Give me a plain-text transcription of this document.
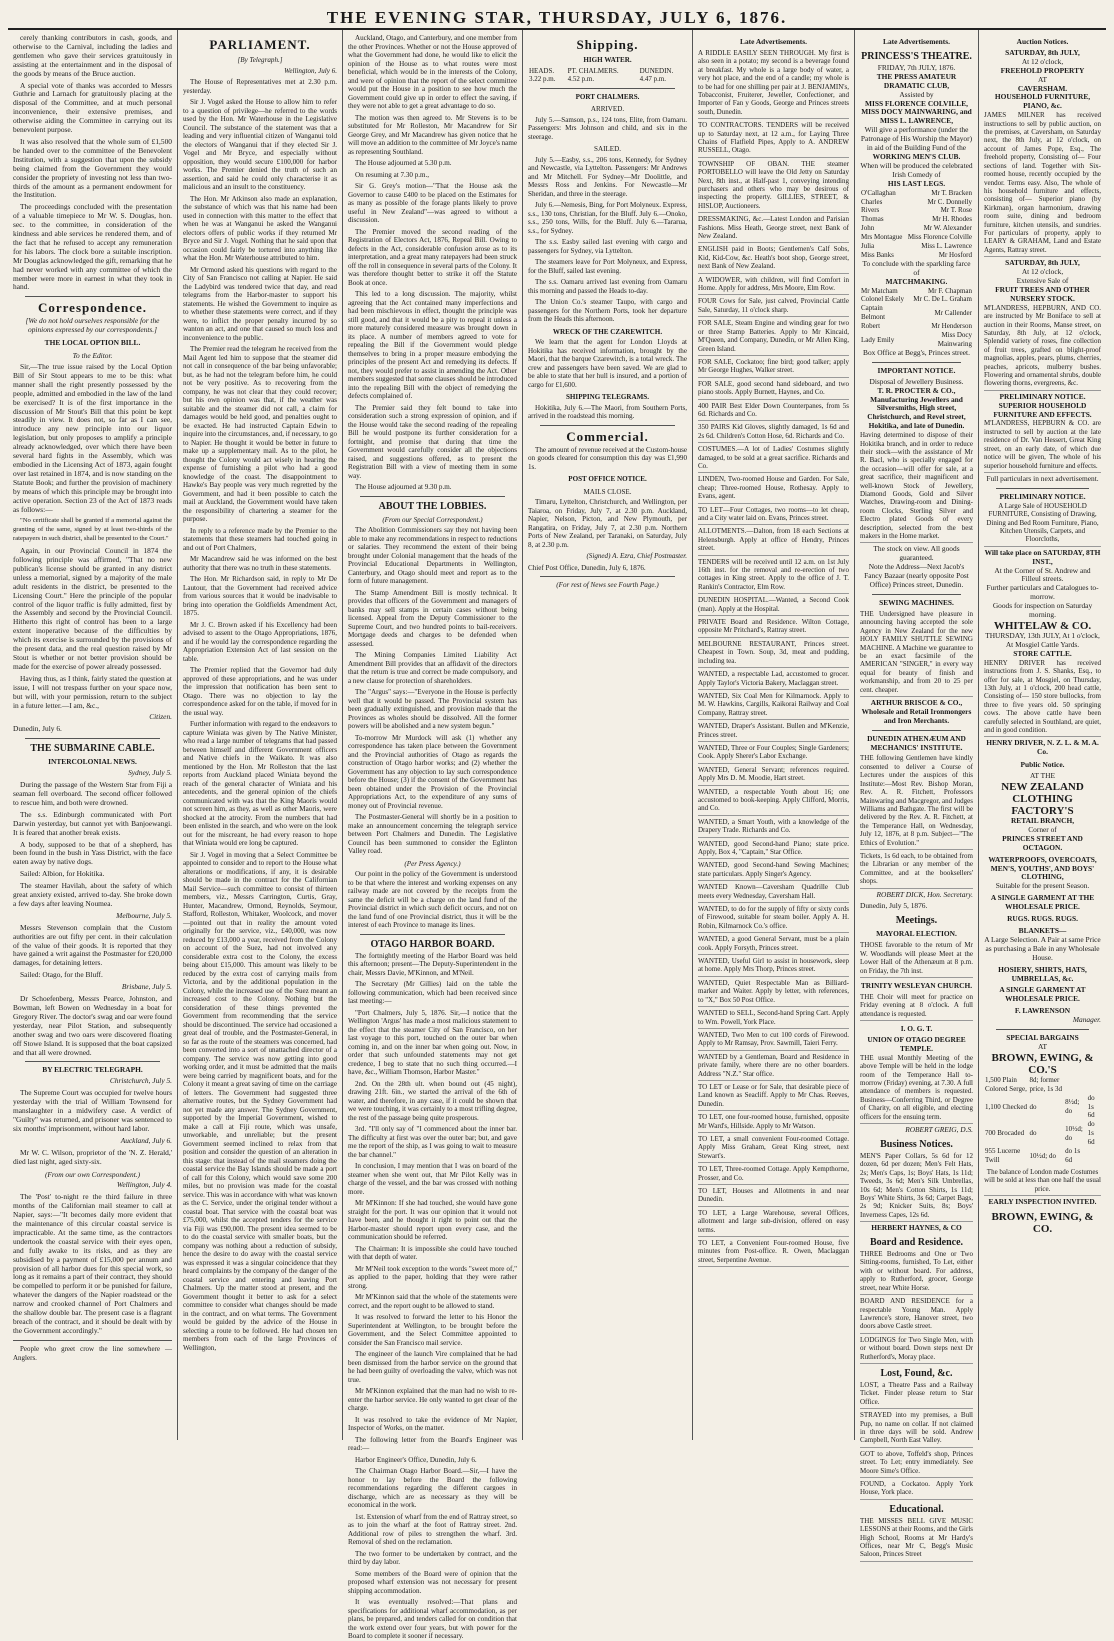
THE EVENING STAR, THURSDAY, JULY 6, 1876.

cerely thanking contributors in cash, goods, and otherwise to the Carnival, including the ladies and gentlemen who gave their services gratuitously in assisting at the entertainment and in the disposal of the goods by means of the Bruce auction.

A special vote of thanks was accorded to Messrs Guthrie and Larnach for gratuitously placing at the disposal of the Committee, and at much personal inconvenience, their extensive premises, and otherwise aiding the Committee in carrying out its benevolent purpose.

It was also resolved that the whole sum of £1,500 be handed over to the committee of the Benevolent Institution, with a suggestion that upon the subsidy being claimed from the Government they would consider the propriety of investing not less than two-thirds of the amount as a permanent endowment for the Institution.

The proceedings concluded with the presentation of a valuable timepiece to Mr W. S. Douglas, hon. sec. to the committee, in consideration of the kindness and able services he rendered them, and of the fact that he refused to accept any remuneration for his labors. The clock bore a suitable inscription. Mr Douglas acknowledged the gift, remarking that he had never worked with any committee of which the member were more in earnest in what they took in hand.

Correspondence.

[We do not hold ourselves responsible for the opinions expressed by our correspondents.]

THE LOCAL OPTION BILL.
To the Editor.

Sir,—The true issue raised by the Local Option Bill of Sir Stout appears to me to be this: what manner shall the right presently possessed by the people, admitted and embodied in the law of the land be exercised? It is of the first importance in the discussion of Mr Stout's Bill that this point be kept steadily in view. It does not, so far as I can see, introduce any new principle into our liquor legislation, but only proposes to amplify a principle already acknowledged, over which there have been several hard fights in the Assembly, which was embodied in the Licensing Act of 1873, again fought over last retained in 1874, and is now standing on the Statute Book; and further the provision of machinery by means of which this principle may be brought into active operation. Section 23 of the Act of 1873 reads as follows:—

"No certificate shall be granted if a memorial against the granting of the same, signed by at least two-thirds of the ratepayers in such district, shall be presented to the Court."

Again, in our Provincial Council in 1874 the following principle was affirmed, "That no new publican's license should be granted in any district unless a memorial, signed by a majority of the male adult residents in the district, be presented to the Licensing Court." Here the principle of the popular control of the liquor traffic is fully admitted, first by the Assembly and second by the Provincial Council. Hitherto this right of control has been to a large extent inoperative because of the difficulties by which its exercise is surrounded by the provisions of the present data, and the real question raised by Mr Stout is whether or not better provision should be made for the exercise of power already possessed.

Having thus, as I think, fairly stated the question at issue, I will not trespass further on your space now, but will, with your permission, return to the subject in a future letter.—I am, &c.,

Citizen.
Dunedin, July 6.
THE SUBMARINE CABLE.
INTERCOLONIAL NEWS.
Sydney, July 5.

During the passage of the Western Star from Fiji a seaman fell overboard. The second officer followed to rescue him, and both were drowned.

The s.s. Edinburgh communicated with Port Darwin yesterday, but cannot yet with Banjoewangi. It is feared that another break exists.

A body, supposed to be that of a shepherd, has been found in the bush in Yass District, with the face eaten away by native dogs.

Sailed: Albion, for Hokitika.

The steamer Havilah, about the safety of which great anxiety existed, arrived to-day. She broke down a few days after leaving Noumea.

Melbourne, July 5.

Messrs Stevenson complain that the Custom authorities are out fifty per cent. in their calculation of the value of their goods. It is reported that they have gained a writ against the Postmaster for £20,000 damages, for detaining letters.

Sailed: Otago, for the Bluff.

Brisbane, July 5.

Dr Schoefenberg, Messrs Pearce, Johnston, and Bowman, left Bowen on Wednesday in a boat for Gregory River. The doctor's swag and oar were found yesterday, near Pilot Station, and subsequently another swag and two oars were discovered floating off Stowe Island. It is supposed that the boat capsized and that all were drowned.

BY ELECTRIC TELEGRAPH.
Christchurch, July 5.

The Supreme Court was occupied for twelve hours yesterday with the trial of William Townsend for manslaughter in a midwifery case. A verdict of "Guilty" was returned, and prisoner was sentenced to six months' imprisonment, without hard labor.

Auckland, July 6.

Mr W. C. Wilson, proprietor of the 'N. Z. Herald,' died last night, aged sixty-six.

(From our own Correspondent.)
Wellington, July 4.

The 'Post' to-night re the third failure in three months of the Californian mail steamer to call at Napier, says:—"It becomes daily more evident that the maintenance of this circular coastal service is impracticable. At the same time, as the contractors undertook the coastal service with their eyes open, and fully awake to its risks, and as they are subsidised by a payment of £15,000 per annum and provision of all harbor dues for this special work, so long as it remains a part of their contract, they should be compelled to perform it or be punished for failure, whatever the dangers of the Napier roadstead or the narrow and crooked channel of Port Chalmers and the shallow double bar. The present case is a flagrant breach of the contract, and it should be dealt with by the Government accordingly."

People who greet crow the line somewhere —Anglers.

PARLIAMENT.
[By Telegraph.]
Wellington, July 6.

The House of Representatives met at 2.30 p.m. yesterday.

Sir J. Vogel asked the House to allow him to refer to a question of privilege—he referred to the words used by the Hon. Mr Waterhouse in the Legislative Council. The substance of the statement was that a leading and very influential citizen of Wanganui told the electors of Wanganui that if they elected Sir J. Vogel and Mr Bryce, and especially without opposition, they would secure £100,000 for harbor works. The Premier denied the truth of such an assertion, and said he could only characterise it as malicious and an insult to the constituency.

The Hon. Mr Atkinson also made an explanation, the substance of which was that his name had been used in connection with this matter to the effect that when he was at Wanganui he asked the Wanganui electors offers of public works if they returned Mr Bryce and Sir J. Vogel. Nothing that he said upon that occasion could fairly be tortured into anything like what the Hon. Mr Waterhouse attributed to him.

Mr Ormond asked his questions with regard to the City of San Francisco not calling at Napier. He said the Ladybird was tendered twice that day, and read telegrams from the Harbor-master to support his statements. He wished the Government to inquire as to whether these statements were correct, and if they were, to inflict the proper penalty incurred by so wanton an act, and one that caused so much loss and inconvenience to the public.

The Premier read the telegram he received from the Mail Agent led him to suppose that the steamer did not call in consequence of the bar being unfavorable; but, as he had not the telegram before him, he could not be very positive. As to recovering from the company, he was not clear that they could recover; but his own opinion was that, if the weather was suitable and the steamer did not call, a claim for damages would be held good, and penalties ought to be exacted. He had instructed Captain Edwin to inquire into the circumstances, and, if necessary, to go to Napier. He thought it would be better in future to make up a supplementary mail. As to the pilot, he thought the Colony would act wisely in hearing the expense of furnishing a pilot who had a good knowledge of the coast. The disappointment to Hawke's Bay people was very much regretted by the Government, and had it been possible to catch the mail at Auckland, the Government would have taken the responsibility of chartering a steamer for the purpose.

In reply to a reference made by the Premier to the statements that these steamers had touched going in and out of Port Chalmers,

Mr Macandrew said he was informed on the best authority that there was no truth in these statements.

The Hon. Mr Richardson said, in reply to Mr De Lautour, that the Government had received advice from various sources that it would be inadvisable to bring into operation the Goldfields Amendment Act, 1875.

Mr J. C. Brown asked if his Excellency had been advised to assent to the Otago Appropriations, 1876, and if he would lay the correspondence regarding the Appropriation Extension Act of last session on the table.

The Premier replied that the Governor had duly approved of these appropriations, and he was under the impression that notification has been sent to Otago. There was no objection to lay the correspondence asked for on the table, if moved for in the usual way.

Further information with regard to the endeavors to capture Winiata was given by The Native Minister, who read a large number of telegrams that had passed between himself and different Government officers and Native chiefs in the Waikato. It was also mentioned by the Hon. Mr Rolleston that the last reports from Auckland placed Winiata beyond the reach of the general character of Winiata and his antecedents, and the general opinion of the chiefs communicated with was that the King Maoris would not screen him, as they, as well as other Maoris, were shocked at the atrocity. From the numbers that had been enlisted in the search, and who were on the look out for the miscreant, he had every reason to hope that Winiata would ere long be captured.

Sir J. Vogel in moving that a Select Committee be appointed to consider and to report to the House what alterations or modifications, if any, it is desirable should be made in the contract for the Californian Mail Service—such committee to consist of thirteen members, viz., Messrs Carrington, Curtis, Gray, Hunter, Macandrew, Ormond, Reynolds, Seymour, Stafford, Rolleston, Whitaker, Woolcock, and mover—pointed out that in reality the amount voted originally for the service, viz., £40,000, was now reduced by £13,000 a year, received from the Colony on account of the Suez, had not involved any considerable extra cost to the Colony, the excess being about £15,000. This amount was likely to be reduced by the extra cost of carrying mails from Victoria, and by the additional population in the Colony, while the increased use of the Suez meant an increased cost to the Colony. Nothing but the consideration of these things prevented the Government from recommending that the service should be discontinued. The service had occasioned a great deal of trouble, and the Postmaster-General, in so far as the route of the steamers was concerned, had been converted into a sort of unattached director of a company. The service was now getting into good working order, and it must be admitted that the mails were being carried by magnificent boats, and for the Colony it meant a great saving of time on the carriage of letters. The Government had suggested three alternative routes, but the Sydney Government had not yet made any answer. The Sydney Government, supported by the Imperial Government, wished to make a call at Fiji route, which was unsafe, unworkable, and unreliable; but the present Government seemed inclined to relax from that position and consider the question of an alteration in this stage: that instead of the mail steamers doing the coastal service the Bay Islands should be made a port of call for this Colony, which would save some 200 miles, but no provision was made for the coastal service. This was in accordance with what was known as the C. Service, under the original tender without a coastal boat. That service with the coastal boat was £75,000, whilst the accepted tenders for the service via Fiji was £90,000. The present idea seemed to be to do the coastal service with smaller boats, but the company was nothing about a reduction of subsidy, hence the desire to do away with the coastal service was expressed it was a singular coincidence that they heard complaints by the company of the danger of the coastal service and entering and leaving Port Chalmers. Up the matter stood at present, and the Government thought it better to ask for a select committee to consider what changes should be made in the contract, and on what terms. The Government would be guided by the advice of the House in selecting a route to be followed. He had chosen ten members from each of the large Provinces of Wellington,

Auckland, Otago, and Canterbury, and one member from the other Provinces. Whether or not the House approved of what the Government had done, he would like to elicit the opinion of the House as to what routes were most beneficial, which would be in the interests of the Colony, and were of opinion that the report of the select committee would put the House in a position to see how much the Government could give up in order to effect the saving, if they were not able to get a great advantage to do so.

The motion was then agreed to. Mr Stevens is to be substituted for Mr Rolleston, Mr Macandrew for Sir George Grey, and Mr Macandrew has given notice that he will move an addition to the committee of Mr Joyce's name as representing Southland.

The House adjourned at 5.30 p.m.

On resuming at 7.30 p.m.,

Sir G. Grey's motion—"That the House ask the Governor to cause £400 to be placed on the Estimates for as many as possible of the forage plants likely to prove useful in New Zealand"—was agreed to without a discussion.

The Premier moved the second reading of the Registration of Electors Act, 1876, Repeal Bill. Owing to defects in the Act, considerable confusion arose as to its interpretation, and a great many ratepayers had been struck off the roll in consequence in several parts of the Colony. It was therefore thought better to strike it off the Statute Book at once.

This led to a long discussion. The majority, whilst agreeing that the Act contained many imperfections and had been mischievous in effect, thought the principle was still good, and that it would be a pity to repeal it unless a more maturely considered measure was brought down in its place. A number of members agreed to vote for repealing the Bill if the Government would pledge themselves to bring in a proper measure embodying the principles of the present Act and remedying its defects. If not, they would prefer to assist in amending the Act. Other members suggested that some clauses should be introduced into the repealing Bill with the object of remedying the defects complained of.

The Premier said they felt bound to take into consideration such a strong expression of opinion, and if the House would take the second reading of the repealing Bill he would postpone its further consideration for a fortnight, and promise that during that time the Government would carefully consider all the objections raised, and suggestions offered, as to present the Registration Bill with a view of meeting them in some way.

The House adjourned at 9.30 p.m.

ABOUT THE LOBBIES.
(From our Special Correspondent.)

The Abolition Commissioners say they not having been able to make any recommendations in respect to reductions or salaries. They recommend the extent of their being brought under Colonial management that the heads of the Provincial Educational Departments in Wellington, Canterbury, and Otago should meet and report as to the form of future management.

The Stamp Amendment Bill is mostly technical. It provides that officers of the Government and managers of banks may sell stamps in certain cases without being licensed. Appeal from the Deputy Commissioner to the Supreme Court, and two hundred points to bail-receivers. Mortgage deeds and charges to be defended when assessed.

The Mining Companies Limited Liability Act Amendment Bill provides that an affidavit of the directors that the return is true and correct be made compulsory, and a new clause for protection of shareholders.

The "Argus" says:—"Everyone in the House is perfectly well that it would be passed. The Provincial system has been gradually extinguished, and provision made that the Provinces as wholes should be dissolved. All the former powers will be abolished and a new system begun."

To-morrow Mr Murdock will ask (1) whether any correspondence has taken place between the Government and the Provincial authorities of Otago as regards the construction of Otago harbor works; and (2) whether the Government has any objection to lay such correspondence before the House; (3) if the consent of the Government has been obtained under the Provision of the Provincial Appropriations Act, to the expenditure of any sums of money out of Provincial revenue.

The Postmaster-General will shortly be in a position to make an announcement concerning the telegraph service between Port Chalmers and Dunedin. The Legislative Council has been summoned to consider the Eglinton Valley road.

(Per Press Agency.)

Our point in the policy of the Government is understood to be that where the interest and working expenses on any railway made are not covered by the receipts from the same the deficit will be a charge on the land fund of the Provincial district in which such deficit occurs, and not on the land fund of one Provincial district, thus it will be the interest of each Province to manage its lines.

OTAGO HARBOR BOARD.

The fortnightly meeting of the Harbor Board was held this afternoon; present—The Deputy-Superintendent in the chair, Messrs Davie, M'Kinnon, and M'Neil.

The Secretary (Mr Gillies) laid on the table the following communication, which had been received since last meeting:—

"Port Chalmers, July 5, 1876. Sir,—I notice that the Wellington 'Argus' has made a most malicious statement to the effect that the steamer City of San Francisco, on her last voyage to this port, touched on the outer bar when coming in, and on the inner bar when going out. Now, in order that such unfounded statements may not get credence, I beg to state that no such thing occurred.—I have, &c., William Thomson, Harbor Master."

2nd. On the 28th ult. when bound out (45 night), drawing 21ft. 6in., we started the arrival of the 6th of water, and therefore, in any case, if it could be shown that we were touching, it was certainly to a most trifling degree, the rest of the passage being quite prosperous.

3rd. "I'll only say of "I commenced about the inner bar. The difficulty at first was over the outer bar; but, and gave me the report of the ship, as I was going to wait to measure the bar channel."

In conclusion, I may mention that I was on board of the steamer when she went out, that Mr Pilot Kelly was in charge of the vessel, and the bar was crossed with nothing more.

Mr M'Kinnon: If she had touched, she would have gone straight for the port. It was our opinion that it would not have been, and he thought it right to point out that the Harbor-master should report upon every case, and the communication should be referred.

The Chairman: It is impossible she could have touched with that depth of water.

Mr M'Neil took exception to the words "sweet more of," as applied to the paper, holding that they were rather strong.

Mr M'Kinnon said that the whole of the statements were correct, and the report ought to be allowed to stand.

It was resolved to forward the letter to his Honor the Superintendent at Wellington, to be brought before the Government, and the Select Committee appointed to consider the San Francisco mail service.

The engineer of the launch Vire complained that he had been dismissed from the harbor service on the ground that he had been guilty of overloading the valve, which was not true.

Mr M'Kinnon explained that the man had no wish to re-enter the harbor service. He only wanted to get clear of the charge.

It was resolved to take the evidence of Mr Napier, Inspector of Works, on the matter.

The following letter from the Board's Engineer was read:—

Harbor Engineer's Office, Dunedin, July 6.

The Chairman Otago Harbor Board.—Sir,—I have the honor to lay before the Board the following recommendations regarding the different cargoes in discharge, which are as necessary as they will be economical in the work.

1st. Extension of wharf from the end of Rattray street, so as to join the wharf at the foot of Rattray street. 2nd. Additional row of piles to strengthen the wharf. 3rd. Removal of shed on the reclamation.

The two former to be undertaken by contract, and the third by day labor.

Some members of the Board were of opinion that the proposed wharf extension was not necessary for present shipping accommodation.

It was eventually resolved:—That plans and specifications for additional wharf accommodation, as per plans, be prepared, and tenders called for on condition that the work extend over four years, but with power for the Board to complete it sooner if necessary.

Shipping.
HIGH WATER.
HEADS.	PT. CHALMERS.	DUNEDIN.
3.22 p.m.	4.52 p.m.	4.47 p.m.
PORT CHALMERS.
ARRIVED.

July 5.—Samson, p.s., 124 tons, Elite, from Oamaru. Passengers: Mrs Johnson and child, and six in the steerage.

SAILED.

July 5.—Easby, s.s., 206 tons, Kennedy, for Sydney and Newcastle, via Lyttelton. Passengers: Mr Andrews and Mr Mitchell. For Sydney—Mr Doolittle, and Messrs Ross and Jenkins. For Newcastle—Mr Sheridan, and three in the steerage.

July 6.—Nemesis, Bing, for Port Molyneux. Express, s.s., 130 tons, Christian, for the Bluff. July 6.—Onoko, s.s., 250 tons, Wills, for the Bluff. July 6.—Tararua, s.s., for Sydney.

The s.s. Easby sailed last evening with cargo and passengers for Sydney, via Lyttelton.

The steamers leave for Port Molyneux, and Express, for the Bluff, sailed last evening.

The s.s. Oamaru arrived last evening from Oamaru this morning and passed the Heads to-day.

The Union Co.'s steamer Taupo, with cargo and passengers for the Northern Ports, took her departure from the Heads this afternoon.

WRECK OF THE CZAREWITCH.

We learn that the agent for London Lloyds at Hokitika has received information, brought by the Maori, that the barque Czarewitch, is a total wreck. The crew and passengers have been saved. We are glad to be able to state that her hull is insured, and a portion of cargo for £1,600.

SHIPPING TELEGRAMS.

Hokitika, July 6.—The Maori, from Southern Ports, arrived in the roadstead this morning.

Commercial.

The amount of revenue received at the Custom-house on goods cleared for consumption this day was £1,990 1s.

POST OFFICE NOTICE.
MAILS CLOSE.

Timaru, Lyttelton, Christchurch, and Wellington, per Taiaroa, on Friday, July 7, at 2.30 p.m. Auckland, Napier, Nelson, Picton, and New Plymouth, per Rangatira, on Friday, July 7, at 2.30 p.m. Northern Ports of New Zealand, per Taranaki, on Saturday, July 8, at 2.30 p.m.

(Signed) A. Ezra, Chief Postmaster.
Chief Post Office, Dunedin, July 6, 1876.
(For rest of News see Fourth Page.)
Late Advertisements.

A RIDDLE EASILY SEEN THROUGH. My first is also seen in a potato; my second is a beverage found at breakfast. My whole is a large body of water, a very hot place, and the end of a candle; my whole is to be had for one shilling per pair at J. BENJAMIN's, Tobacconist, Fruiterer, Jeweller, Confectioner, and Importer of Fan y Goods, George and Princes streets south, Dunedin.

TO CONTRACTORS. TENDERS will be received up to Saturday next, at 12 a.m., for Laying Three Chains of Flatfield Pipes, Apply to A. ANDREW RUSSELL, Otago.

TOWNSHIP OF OBAN. THE steamer PORTOBELLO will leave the Old Jetty on Saturday Next, 8th inst., at Half-past 1, conveying intending purchasers and others who may be desirous of inspecting the property. GILLIES, STREET, & HISLOP, Auctioneers.

DRESSMAKING, &c.—Latest London and Parisian Fashions. Miss Heath, George street, next Bank of New Zealand.

ENGLISH paid in Boots; Gentlemen's Calf Sobs, Kid, Kid-Cow, &c. Heath's boot shop, George street, next Bank of New Zealand.

A WIDOWER, with children, will find Comfort in Home. Apply for address, Mrs Moore, Elm Row.

FOUR Cows for Sale, just calved, Provincial Cattle Sale, Saturday, 11 o'clock sharp.

FOR SALE, Steam Engine and winding gear for two or three Stamp Batteries. Apply to Mr Kincaid, M'Queen, and Company, Dunedin, or Mr Allen King, Green Island.

FOR SALE, Cockatoo; fine bird; good talker; apply Mr George Hughes, Walker street.

FOR SALE, good second hand sideboard, and two piano stools. Apply Burnett, Haynes, and Co.

400 PAIR Best Elder Down Counterpanes, from 5s 6d. Richards and Co.

350 PAIRS Kid Gloves, slightly damaged, 1s 6d and 2s 6d. Children's Cotton Hose, 6d. Richards and Co.

COSTUMES.—A lot of Ladies' Costumes slightly damaged, to be sold at a great sacrifice. Richards and Co.

LINDEN, Two-roomed House and Garden. For Sale, cheap; Three-roomed House, Rothesay. Apply to Evans, agent.

TO LET—Four Cottages, two rooms—to let cheap, and a City water laid on. Evans, Princes street.

ALLOTMENTS.—Dalton, from 18 each Sections at Helensburgh. Apply at office of Hendry, Princes street.

TENDERS will be received until 12 a.m. on 1st July 16th inst. for the removal and re-erection of two cottages in King street. Apply to the office of J. T. Rankin's Contractor, Elm Row.

DUNEDIN HOSPITAL.—Wanted, a Second Cook (man). Apply at the Hospital.

PRIVATE Board and Residence. Wilton Cottage, opposite Mr Pritchard's, Rattray street.

MELBOURNE RESTAURANT, Princes street. Cheapest in Town. Soup, 3d, meat and pudding, including tea.

WANTED, a respectable Lad, accustomed to grocer. Apply Taylor's Victoria Bakery, Maclaggan street.

WANTED, Six Coal Men for Kilmarnock. Apply to M. W. Hawkins, Cargills, Kaikorai Railway and Coal Company, Rattray street.

WANTED, Draper's Assistant. Bullen and M'Kenzie, Princes street.

WANTED, Three or Four Couples; Single Gardeners; Cook. Apply Sherer's Labor Exchange.

WANTED, General Servant; references required. Apply Mrs D. M. Moodie, Hart street.

WANTED, a respectable Youth about 16; one accustomed to book-keeping. Apply Clifford, Morris, and Co.

WANTED, a Smart Youth, with a knowledge of the Drapery Trade. Richards and Co.

WANTED, good Second-hand Piano; state price. Apply, Box 4, "Captain," Star Office.

WANTED, good Second-hand Sewing Machines; state particulars. Apply Singer's Agency.

WANTED Known—Caversham Quadrille Club meets every Wednesday, Caversham Hall.

WANTED, to do for the supply of fifty or sixty cords of Firewood, suitable for steam boiler. Apply A. H. Robin, Kilmarnock Co.'s office.

WANTED, a good General Servant, must be a plain cook. Apply Forsyth, Princes street.

WANTED, Useful Girl to assist in housework, sleep at home. Apply Mrs Thorp, Princes street.

WANTED, Quiet Respectable Man as Billiard-marker and Waiter. Apply by letter, with references, to "X," Box 50 Post Office.

WANTED to SELL, Second-hand Spring Cart. Apply to Wm. Powell, York Place.

WANTED, Two Men to cut 100 cords of Firewood. Apply to Mr Ramsay, Prov. Sawmill, Taieri Ferry.

WANTED by a Gentleman, Board and Residence in private family, where there are no other boarders. Address "N.Z." Star office.

TO LET or Lease or for Sale, that desirable piece of Land known as Seacliff. Apply to Mr Chas. Reeves, Dunedin.

TO LET, one four-roomed house, furnished, opposite Mr Ward's, Hillside. Apply to Mr Watson.

TO LET, a small convenient Four-roomed Cottage. Apply Miss Graham, Great King street, next Stewart's.

TO LET, Three-roomed Cottage. Apply Kempthorne, Prosser, and Co.

TO LET, Houses and Allotments in and near Dunedin.

TO LET, a Large Warehouse, several Offices, allotment and large sub-division, offered on easy terms.

TO LET, a Convenient Four-roomed House, five minutes from Post-office. R. Owen, Maclaggan street, Serpentine Avenue.

Late Advertisements.
PRINCESS'S THEATRE.
FRIDAY, 7th JULY, 1876.
THE PRESS AMATEUR DRAMATIC CLUB,
Assisted by
MISS FLORENCE COLVILLE, MISS DOCY MAINWARING, and MISS L. LAWRENCE,
Will give a performance (under the Patronage of His Worship the Mayor) in aid of the Building Fund of the
WORKING MEN'S CLUB.
When will be produced the celebrated Irish Comedy of
HIS LAST LEGS.
O'Callaghan	Mr T. Bracken
Charles	Mr C. Donnelly
Rivers	Mr T. Rose
Thomas	Mr H. Rhodes
John	Mr W. Alexander
Mrs Montague	Miss Florence Colville
Julia	Miss L. Lawrence
Miss Banks	Mr Hosford
To conclude with the sparkling farce of
MATCHMAKING.
Mr Matcham	Mr F. Chapman
Colonel Eskely	Mr C. De L. Graham
Captain Belmont	Mr Callender
Robert	Mr Henderson
Lady Emily	Miss Docy Mainwaring
Box Office at Begg's, Princes street.
IMPORTANT NOTICE.
Disposal of Jewellery Business.
T. R. PROCTER & CO., Manufacturing Jewellers and Silversmiths, High street, Christchurch, and Revel street, Hokitika, and late of Dunedin.

Having determined to dispose of their Hokitika branch, and in order to reduce their stock—with the assistance of Mr R. Bacl, who is specially engaged for the occasion—will offer for sale, at a great sacrifice, their magnificent and well-known Stock of Jewellery, Diamond Goods, Gold and Silver Watches, Drawing-room and Dining-room Clocks, Sterling Silver and Electro plated Goods of every description, selected from the best makers in the Home market.

The stock on view. All goods guaranteed.
Note the Address—Next Jacob's Fancy Bazaar (nearly opposite Post Office) Princes street, Dunedin.
SEWING MACHINES.

THE Undersigned have pleasure in announcing having accepted the sole Agency in New Zealand for the new HOLY FAMILY SHUTTLE SEWING MACHINE. A Machine we guarantee to be an exact facsimile of the AMERICAN "SINGER," in every way equal for beauty of finish and workmanship, and from 20 to 25 per cent. cheaper.

ARTHUR BRISCOE & CO., Wholesale and Retail Ironmongers and Iron Merchants.
DUNEDIN ATHENÆUM AND MECHANICS' INSTITUTE.

THE following Gentlemen have kindly consented to deliver a Course of Lectures under the auspices of this Institute:—Most Rev. Bishop Moran, Rev. A. R. Fitchett, Professors Mainwaring and Macgregor, and Judges Williams and Bathgate. The first will be delivered by the Rev. A. R. Fitchett, at the Temperance Hall, on Wednesday, July 12, 1876, at 8 p.m. Subject—"The Ethics of Evolution."

Tickets, 1s 6d each, to be obtained from the Librarian or any member of the Committee, and at the booksellers' shops.

ROBERT DICK, Hon. Secretary.
Dunedin, July 5, 1876.
Meetings.
MAYORAL ELECTION.

THOSE favorable to the return of Mr W. Woodlands will please Meet at the Lower Hall of the Athenæum at 8 p.m. on Friday, the 7th inst.

TRINITY WESLEYAN CHURCH.

THE Choir will meet for practice on Friday evening at 8 o'clock. A full attendance is requested.

I. O. G. T.
UNION OF OTAGO DEGREE TEMPLE.

THE usual Monthly Meeting of the above Temple will be held in the lodge room of the Temperance Hall to-morrow (Friday) evening, at 7.30. A full attendance of members is requested. Business—Conferring Third, or Degree of Charity, on all eligible, and electing officers for the ensuing term.

ROBERT GREIG, D.S.
Business Notices.

MEN'S Paper Collars, 5s 6d for 12 dozen, 6d per dozen; Men's Felt Hats, 2s; Men's Caps, 1s; Boys' Hats, 1s 11d; Tweeds, 3s 6d; Men's Silk Umbrellas, 10s 6d; Men's Cotton Shirts, 1s 11d; Boys' White Shirts, 3s 6d; Carpet Bags, 2s 9d; Knicker Suits, 8s; Boys' Inverness Capes, 12s 6d.

HERBERT HAYNES, & CO
Board and Residence.

THREE Bedrooms and One or Two Sitting-rooms, furnished, To Let, either with or without board. For address, apply to Rutherford, grocer, George street, near White Horse.

BOARD AND RESIDENCE for a respectable Young Man. Apply Lawrence's store, Hanover street, two doors above Castle street.

LODGINGS for Two Single Men, with or without board. Down steps next Dr Rutherford's, Moray place.

Lost, Found, &c.

LOST, a Theatre Pass and a Railway Ticket. Finder please return to Star Office.

STRAYED into my premises, a Bull Pup, no name on collar. If not claimed in three days will be sold. Andrew Campbell, North East Valley.

GOT to above, Toffeld's shop, Princes street. To Let; entry immediately. See Moore Sime's Office.

FOUND, a Cockatoo. Apply York House, York place.

Educational.

THE MISSES BELL GIVE MUSIC LESSONS at their Rooms, and the Girls High School, Rooms at Mr Hardy's Offices, near Mr C, Begg's Music Saloon, Princes Street

Auction Notices.
SATURDAY, 8th JULY,
At 12 o'clock,
FREEHOLD PROPERTY
AT
CAVERSHAM.
HOUSEHOLD FURNITURE, PIANO, &c.

JAMES MILNER has received instructions to sell by public auction, on the premises, at Caversham, on Saturday next, the 8th July, at 12 o'clock, on account of James Pope, Esq., The freehold property, Consisting of— Four sections of land. Together with Six-roomed house, recently occupied by the vendor. Terms easy. Also, The whole of his household furniture and effects, consisting of— Superior piano (by Kirkman), organ harmonium, drawing room suite, dining and bedroom furniture, kitchen utensils, and sundries. For particulars of property, apply to LEARY & GRAHAM, Land and Estate Agents, Rattray street.

SATURDAY, 8th JULY,
At 12 o'clock,
Extensive Sale of
FRUIT TREES AND OTHER NURSERY STOCK.

M'LANDRESS, HEPBURN, AND CO. are instructed by Mr Boniface to sell at auction in their Rooms, Manse street, on Saturday, 8th July, at 12 o'clock, Splendid variety of roses, fine collection of fruit trees, grafted on blight-proof magnolias, apples, pears, plums, cherries, peaches, apricots, mulberry bushes. Flowering and ornamental shrubs, double flowering thorns, evergreens, &c.

PRELIMINARY NOTICE.
SUPERIOR HOUSEHOLD FURNITURE AND EFFECTS.

M'LANDRESS, HEPBURN & CO. are instructed to sell by auction at the late residence of Dr. Van Hessert, Great King street, on an early date, of which due notice will be given, The whole of his superior household furniture and effects.

Full particulars in next advertisement.
PRELIMINARY NOTICE.

A Large Sale of HOUSEHOLD FURNITURE, Consisting of Drawing, Dining and Bed Room Furniture, Piano, Kitchen Utensils, Carpets, and Floorcloths,

Will take place on SATURDAY, 8TH INST.,
At the Corner of St. Andrew and Filleul streets.
Further particulars and Catalogues to-morrow.
Goods for inspection on Saturday morning.
WHITELAW & CO.
THURSDAY, 13th JULY, At 1 o'clock,
At Mosgiel Cattle Yards.
STORE CATTLE.

HENRY DRIVER has received instructions from J. S. Shanks, Esq., to offer for sale, at Mosgiel, on Thursday, 13th July, at 1 o'clock, 200 head cattle, Consisting of— 150 store bullocks, from three to five years old. 50 springing cows. The above cattle have been carefully selected in Southland, are quiet, and in good condition.

HENRY DRIVER, N. Z. L. & M. A. Co.
Public Notice.
AT THE
NEW ZEALAND CLOTHING FACTORY'S
RETAIL BRANCH,
Corner of
PRINCES STREET AND OCTAGON.
WATERPROOFS, OVERCOATS, MEN'S, YOUTHS', AND BOYS' CLOTHING,
Suitable for the present Season.
A SINGLE GARMENT AT THE WHOLESALE PRICE.
RUGS. RUGS. RUGS.
BLANKETS—
A Large Selection. A Pair at same Price as purchasing a Bale in any Wholesale House.
HOSIERY, SHIRTS, HATS, UMBRELLAS, &c.
A SINGLE GARMENT AT WHOLESALE PRICE.
F. LAWRENSON
Manager.
SPECIAL BARGAINS
AT
BROWN, EWING, & CO.'S
1,500 Plain Colored Serge,	8d; former price, 1s 3d		
1,100 Checked	do	8½d; do	do 1s 6d
700 Brocaded	do	10½d; do	do 1s 6d
955 Lucerne Twill	10½d; do	do 1s 6d	

The balance of London made Costumes will be sold at less than one half the usual price.

EARLY INSPECTION INVITED.
BROWN, EWING, & CO.
